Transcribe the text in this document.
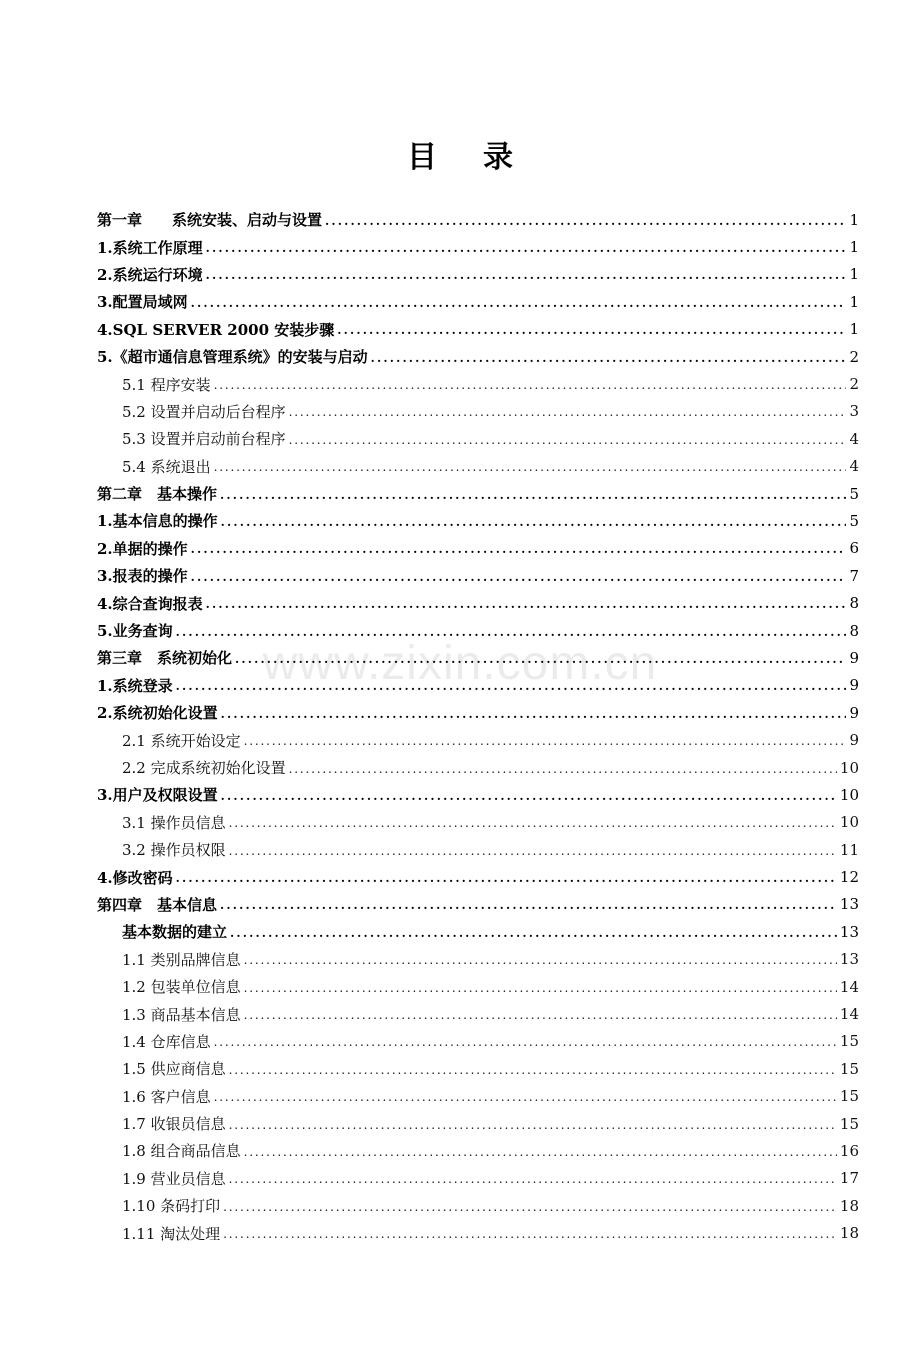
目录
第一章　　系统安装、启动与设置 . . .	1
1.系统工作原理 . . .	1
2.系统运行环境 . . .	1
3.配置局域网 . . .	1
4.SQL SERVER 2000 安装步骤 . . .	1
5.《超市通信息管理系统》的安装与启动 . . .	2
5.1 程序安装 . . .	2
5.2 设置并启动后台程序 . . .	3
5.3 设置并启动前台程序 . . .	4
5.4 系统退出 . . .	4
第二章　基本操作 . . .	5
1.基本信息的操作 . . .	5
2.单据的操作 . . .	6
3.报表的操作 . . .	7
4.综合查询报表 . . .	8
5.业务查询 . . .	8
第三章　系统初始化 . . .	9
1.系统登录 . . .	9
2.系统初始化设置 . . .	9
2.1 系统开始设定 . . .	9
2.2 完成系统初始化设置 . . .	10
3.用户及权限设置 . . .	10
3.1 操作员信息 . . .	10
3.2 操作员权限 . . .	11
4.修改密码 . . .	12
第四章　基本信息 . . .	13
基本数据的建立 . . .	13
1.1 类别品牌信息 . . .	13
1.2 包装单位信息 . . .	14
1.3 商品基本信息 . . .	14
1.4 仓库信息 . . .	15
1.5 供应商信息 . . .	15
1.6 客户信息 . . .	15
1.7 收银员信息 . . .	15
1.8 组合商品信息 . . .	16
1.9 营业员信息 . . .	17
1.10 条码打印 . . .	18
1.11 淘汰处理 . . .	18
www.zixin.com.cn
